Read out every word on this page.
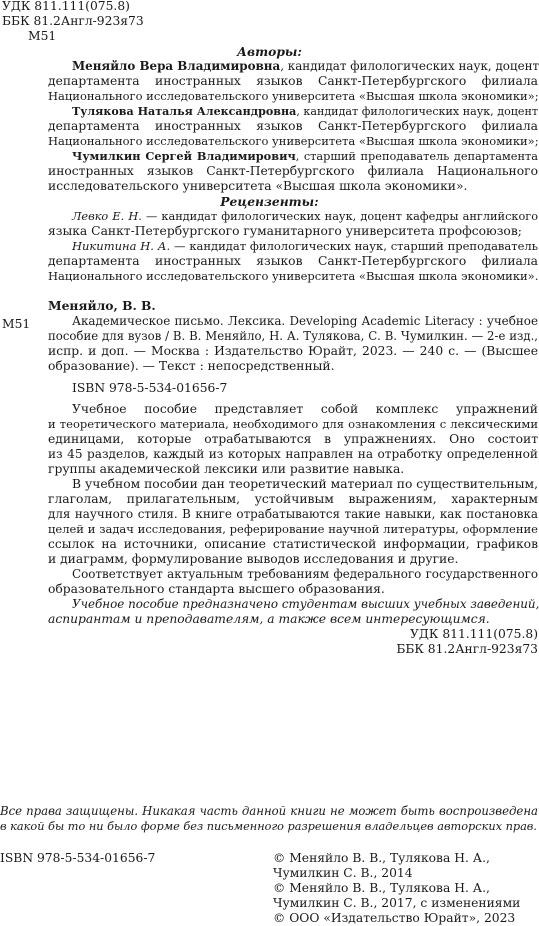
УДК 811.111(075.8)
ББК 81.2Англ-923я73
М51
Авторы:
Меняйло Вера Владимировна, кандидат филологических наук, доцент
департамента иностранных языков Санкт-Петербургского филиала
Национального исследовательского университета «Высшая школа экономики»;
Тулякова Наталья Александровна, кандидат филологических наук, доцент
департамента иностранных языков Санкт-Петербургского филиала
Национального исследовательского университета «Высшая школа экономики»;
Чумилкин Сергей Владимирович, старший преподаватель департамента
иностранных языков Санкт-Петербургского филиала Национального
исследовательского университета «Высшая школа экономики».
Рецензенты:
Левко Е. Н. — кандидат филологических наук, доцент кафедры английского
языка Санкт-Петербургского гуманитарного университета профсоюзов;
Никитина Н. А. — кандидат филологических наук, старший преподаватель
департамента иностранных языков Санкт-Петербургского филиала
Национального исследовательского университета «Высшая школа экономики».
Меняйло, В. В.
М51	Академическое письмо. Лексика. Developing Academic Literacy : учебное
пособие для вузов / В. В. Меняйло, Н. А. Тулякова, С. В. Чумилкин. — 2-е изд.,
испр. и доп. — Москва : Издательство Юрайт, 2023. — 240 с. — (Высшее
образование). — Текст : непосредственный.
ISBN 978-5-534-01656-7
Учебное пособие представляет собой комплекс упражнений
и теоретического материала, необходимого для ознакомления с лексическими
единицами, которые отрабатываются в упражнениях. Оно состоит
из 45 разделов, каждый из которых направлен на отработку определенной
группы академической лексики или развитие навыка.
В учебном пособии дан теоретический материал по существительным,
глаголам, прилагательным, устойчивым выражениям, характерным
для научного стиля. В книге отрабатываются такие навыки, как постановка
целей и задач исследования, реферирование научной литературы, оформление
ссылок на источники, описание статистической информации, графиков
и диаграмм, формулирование выводов исследования и другие.
Соответствует актуальным требованиям федерального государственного
образовательного стандарта высшего образования.
Учебное пособие предназначено студентам высших учебных заведений,
аспирантам и преподавателям, а также всем интересующимся.
УДК 811.111(075.8)
ББК 81.2Англ-923я73
Все права защищены. Никакая часть данной книги не может быть воспроизведена
в какой бы то ни было форме без письменного разрешения владельцев авторских прав.
ISBN 978-5-534-01656-7	© Меняйло В. В., Тулякова Н. А.,
Чумилкин С. В., 2014
© Меняйло В. В., Тулякова Н. А.,
Чумилкин С. В., 2017, с изменениями
© ООО «Издательство Юрайт», 2023
